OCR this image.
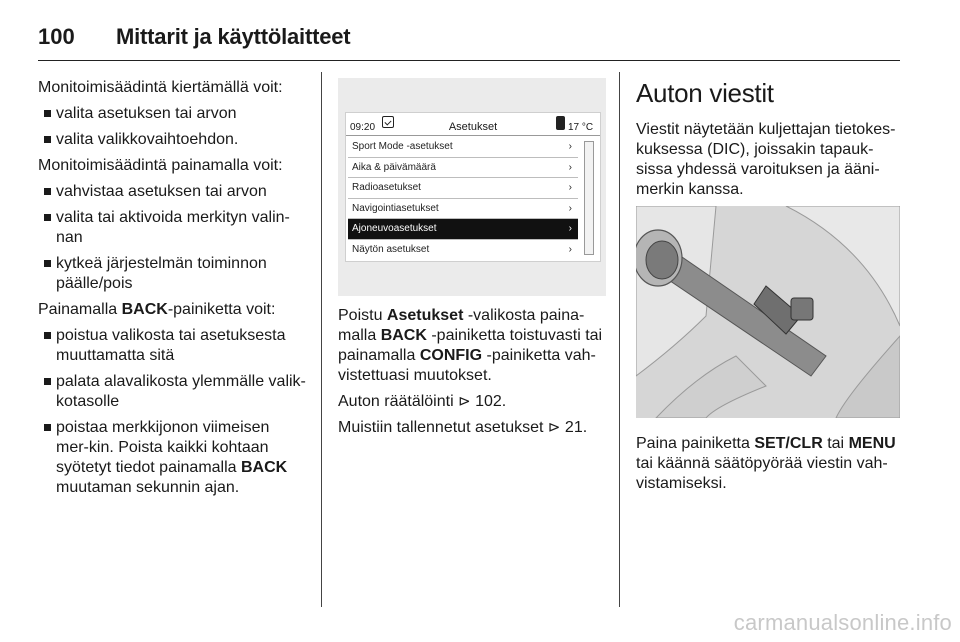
100	Mittarit ja käyttölaitteet

Monitoimisäädintä kiertämällä voit:

valita asetuksen tai arvon
valita valikkovaihtoehdon.

Monitoimisäädintä painamalla voit:

vahvistaa asetuksen tai arvon
valita tai aktivoida merkityn valin-nan
kytkeä järjestelmän toiminnon päälle/pois

Painamalla BACK-painiketta voit:

poistua valikosta tai asetuksesta muuttamatta sitä
palata alavalikosta ylemmälle valik-kotasolle
poistaa merkkijonon viimeisen mer-kin. Poista kaikki kohtaan syötetyt tiedot painamalla BACK muutaman sekunnin ajan.
09:20	Asetukset	17 °C
Sport Mode -asetukset	›
Aika & päivämäärä	›
Radioasetukset	›
Navigointiasetukset	›
Ajoneuvoasetukset	›
Näytön asetukset	›

Poistu Asetukset -valikosta paina-malla BACK -painiketta toistuvasti tai painamalla CONFIG -painiketta vah-vistettuasi muutokset.

Auton räätälöinti ⊳ 102.

Muistiin tallennetut asetukset ⊳ 21.

Auton viestit

Viestit näytetään kuljettajan tietokes-kuksessa (DIC), joissakin tapauk-sissa yhdessä varoituksen ja ääni-merkin kanssa.

Paina painiketta SET/CLR tai MENU tai käännä säätöpyörää viestin vah-vistamiseksi.

carmanualsonline.info
